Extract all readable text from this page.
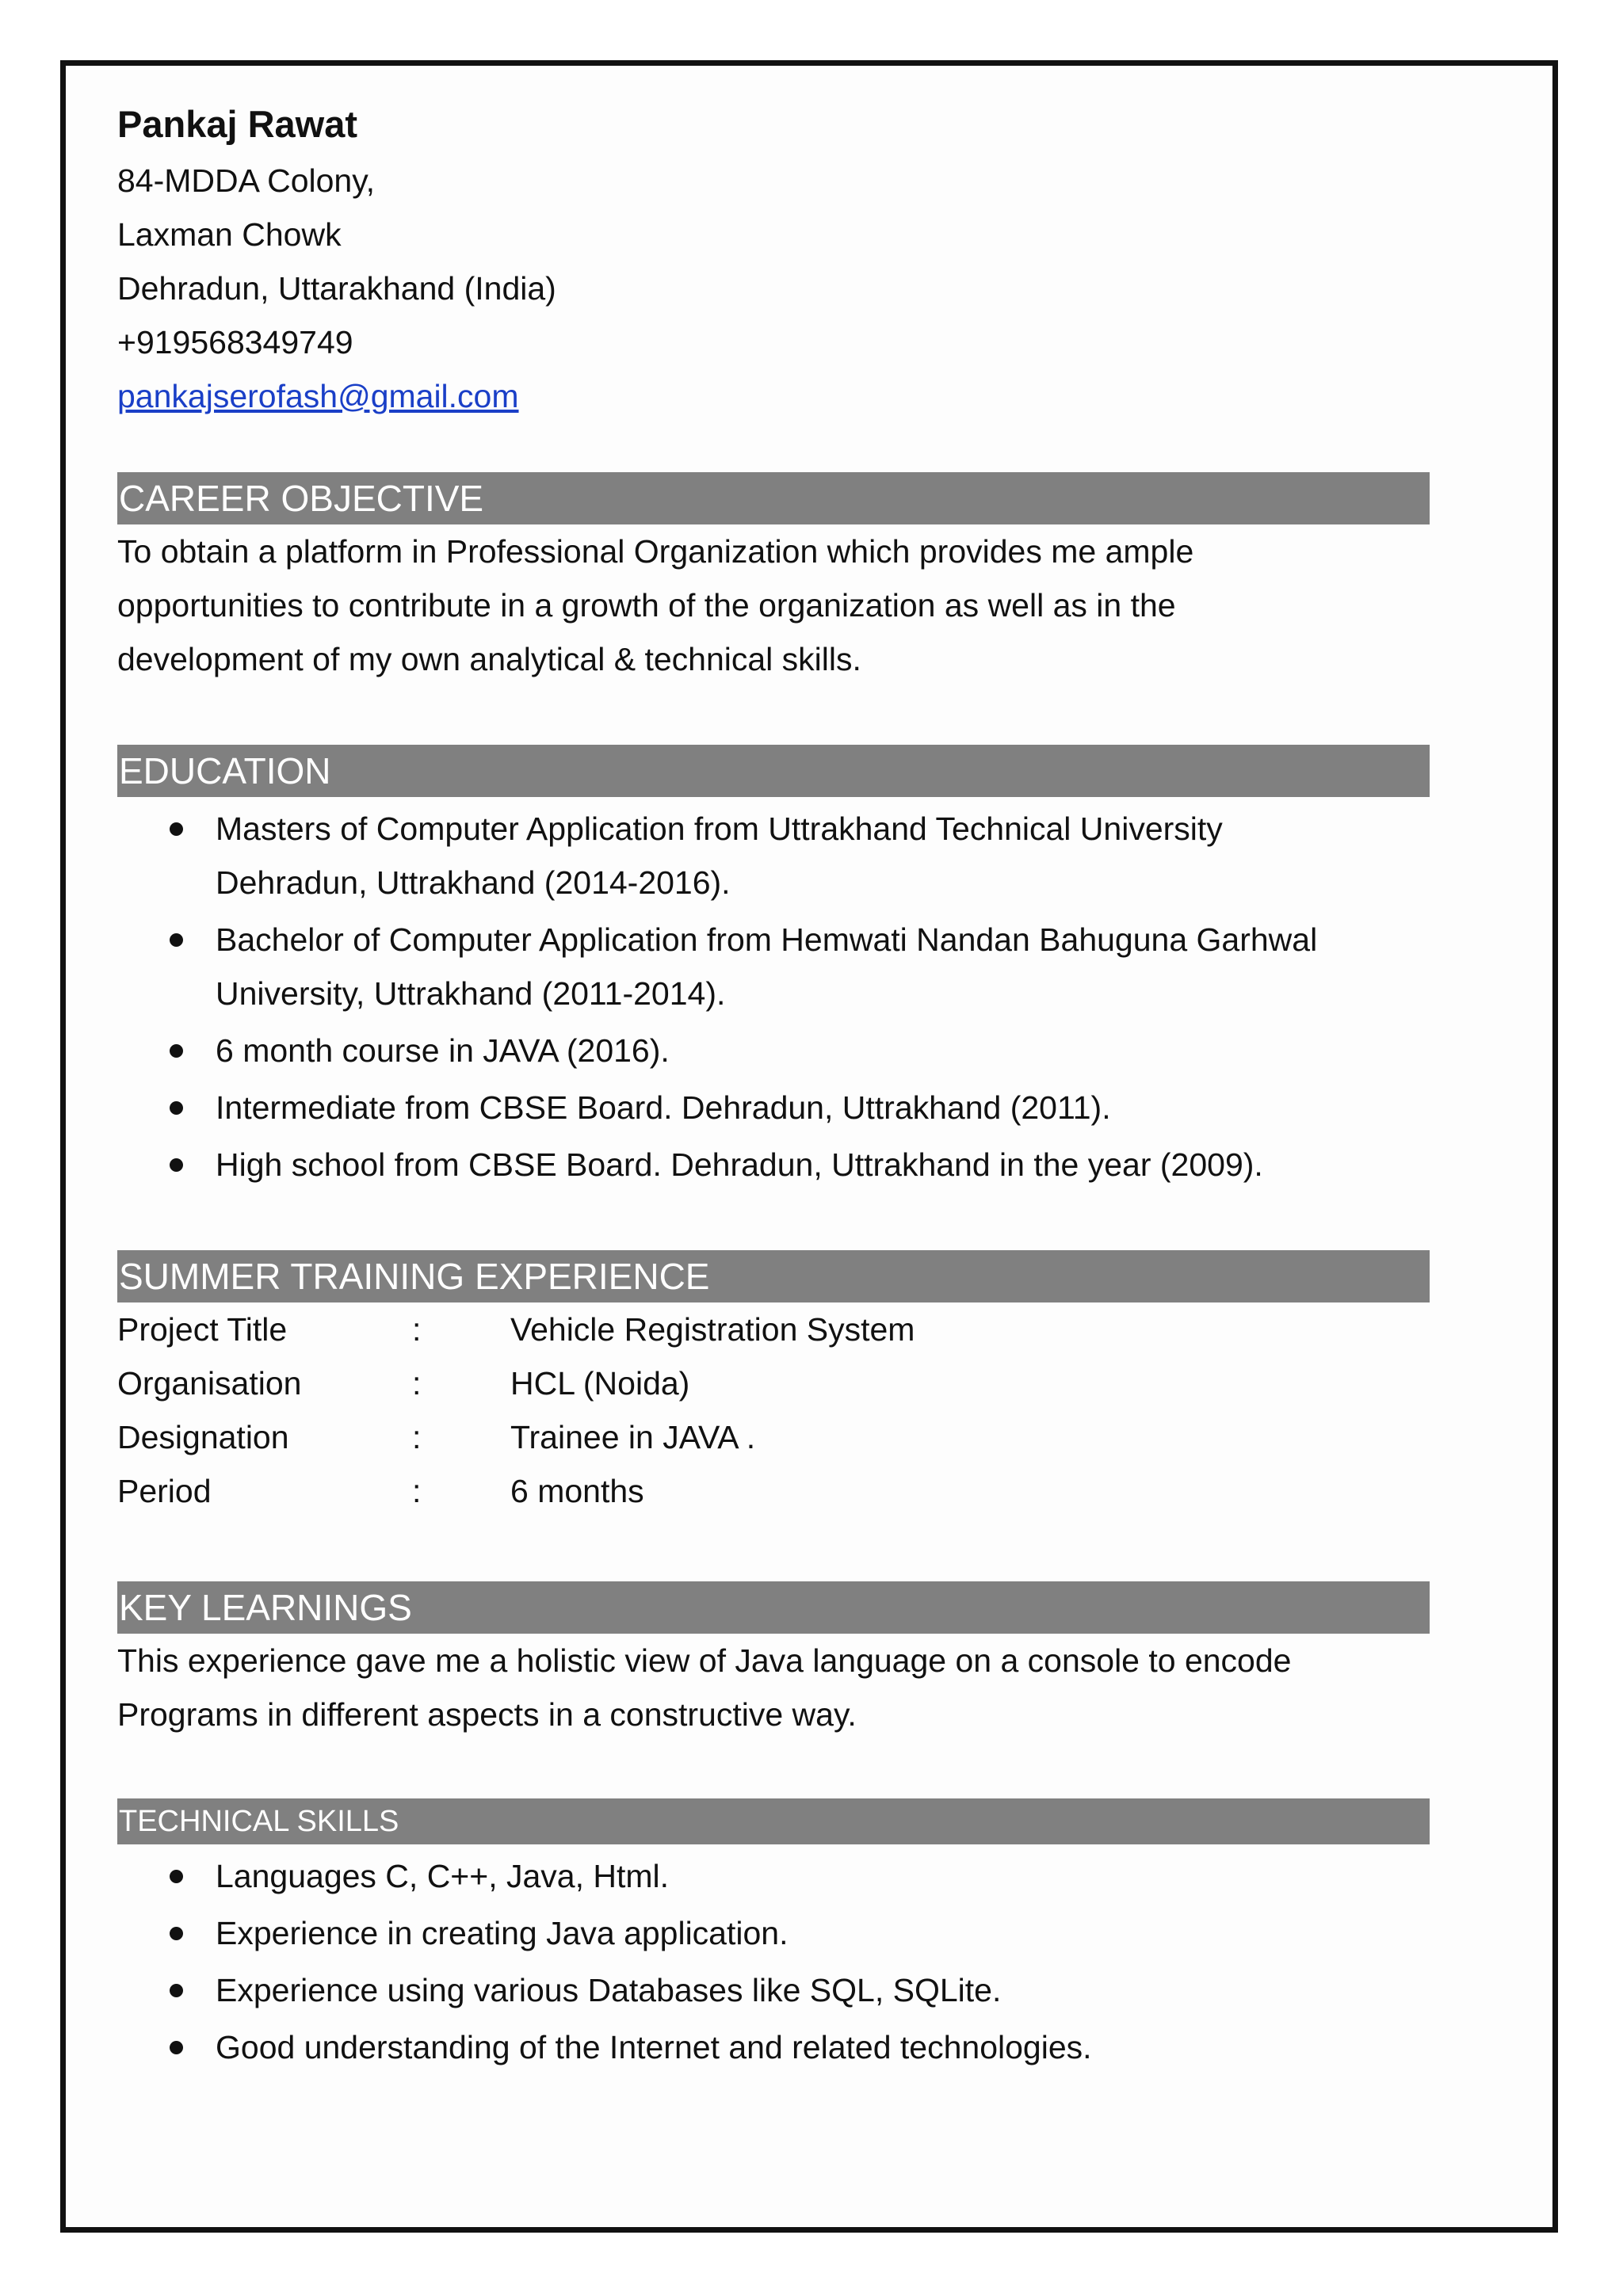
Pankaj Rawat

84-MDDA Colony,

Laxman Chowk

Dehradun, Uttarakhand (India)

+919568349749

pankajserofash@gmail.com
CAREER OBJECTIVE

To obtain a platform in Professional Organization which provides me ample

opportunities to contribute in a growth of the organization as well as in the

development of my own analytical & technical skills.

EDUCATION
Masters of Computer Application from Uttrakhand Technical University
Dehradun, Uttrakhand (2014-2016).
Bachelor of Computer Application from Hemwati Nandan Bahuguna Garhwal
University, Uttrakhand (2011-2014).
6 month course in JAVA (2016).
Intermediate from CBSE Board. Dehradun, Uttrakhand (2011).
High school from CBSE Board. Dehradun, Uttrakhand in the year (2009).
SUMMER TRAINING EXPERIENCE
Project Title	:	Vehicle Registration System
Organisation	:	HCL (Noida)
Designation	:	Trainee in JAVA .
Period	:	6 months
KEY LEARNINGS

This experience gave me a holistic view of Java language on a console to encode

Programs in different aspects in a constructive way.

TECHNICAL SKILLS
Languages C, C++, Java, Html.
Experience in creating Java application.
Experience using various Databases like SQL, SQLite.
Good understanding of the Internet and related technologies.
